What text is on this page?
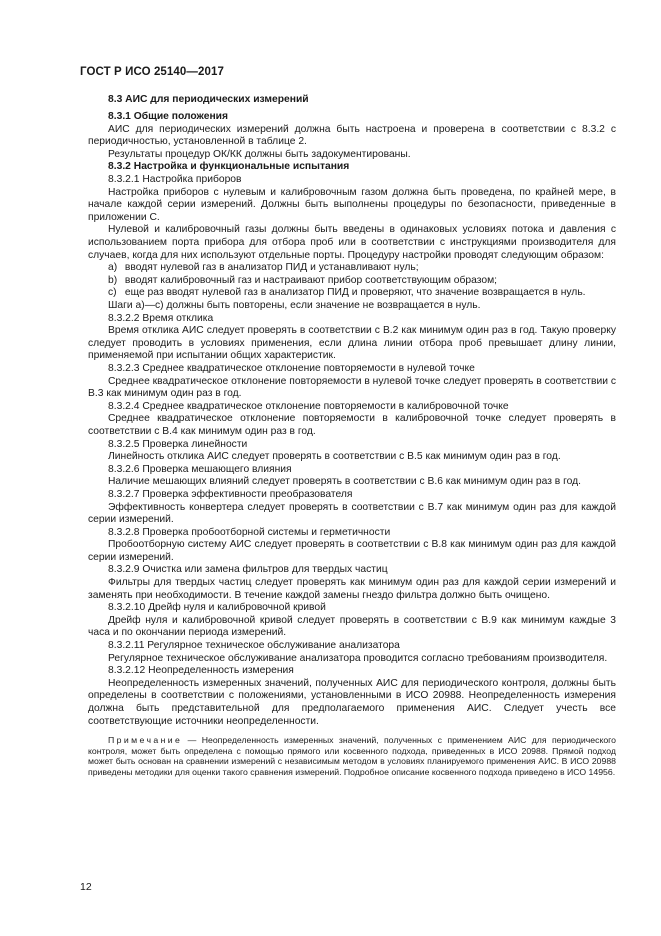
ГОСТ Р ИСО 25140—2017

8.3 АИС для периодических измерений

8.3.1 Общие положения

АИС для периодических измерений должна быть настроена и проверена в соответствии с 8.3.2 с периодичностью, установленной в таблице 2.

Результаты процедур ОК/КК должны быть задокументированы.

8.3.2 Настройка и функциональные испытания

8.3.2.1 Настройка приборов

Настройка приборов с нулевым и калибровочным газом должна быть проведена, по крайней мере, в начале каждой серии измерений. Должны быть выполнены процедуры по безопасности, приведенные в приложении С.

Нулевой и калибровочный газы должны быть введены в одинаковых условиях потока и давления с использованием порта прибора для отбора проб или в соответствии с инструкциями производителя для случаев, когда для них используют отдельные порты. Процедуру настройки проводят следующим образом:

a) вводят нулевой газ в анализатор ПИД и устанавливают нуль;
b) вводят калибровочный газ и настраивают прибор соответствующим образом;
c) еще раз вводят нулевой газ в анализатор ПИД и проверяют, что значение возвращается в нуль.

Шаги а)—с) должны быть повторены, если значение не возвращается в нуль.

8.3.2.2 Время отклика

Время отклика АИС следует проверять в соответствии с В.2 как минимум один раз в год. Такую проверку следует проводить в условиях применения, если длина линии отбора проб превышает длину линии, применяемой при испытании общих характеристик.

8.3.2.3 Среднее квадратическое отклонение повторяемости в нулевой точке

Среднее квадратическое отклонение повторяемости в нулевой точке следует проверять в соответствии с В.3 как минимум один раз в год.

8.3.2.4 Среднее квадратическое отклонение повторяемости в калибровочной точке

Среднее квадратическое отклонение повторяемости в калибровочной точке следует проверять в соответствии с В.4 как минимум один раз в год.

8.3.2.5 Проверка линейности

Линейность отклика АИС следует проверять в соответствии с В.5 как минимум один раз в год.

8.3.2.6 Проверка мешающего влияния

Наличие мешающих влияний следует проверять в соответствии с В.6 как минимум один раз в год.

8.3.2.7 Проверка эффективности преобразователя

Эффективность конвертера следует проверять в соответствии с В.7 как минимум один раз для каждой серии измерений.

8.3.2.8 Проверка пробоотборной системы и герметичности

Пробоотборную систему АИС следует проверять в соответствии с В.8 как минимум один раз для каждой серии измерений.

8.3.2.9 Очистка или замена фильтров для твердых частиц

Фильтры для твердых частиц следует проверять как минимум один раз для каждой серии измерений и заменять при необходимости. В течение каждой замены гнездо фильтра должно быть очищено.

8.3.2.10 Дрейф нуля и калибровочной кривой

Дрейф нуля и калибровочной кривой следует проверять в соответствии с В.9 как минимум каждые 3 часа и по окончании периода измерений.

8.3.2.11 Регулярное техническое обслуживание анализатора

Регулярное техническое обслуживание анализатора проводится согласно требованиям производителя.

8.3.2.12 Неопределенность измерения

Неопределенность измеренных значений, полученных АИС для периодического контроля, должны быть определены в соответствии с положениями, установленными в ИСО 20988. Неопределенность измерения должна быть представительной для предполагаемого применения АИС. Следует учесть все соответствующие источники неопределенности.

Примечание — Неопределенность измеренных значений, полученных с применением АИС для периодического контроля, может быть определена с помощью прямого или косвенного подхода, приведенных в ИСО 20988. Прямой подход может быть основан на сравнении измерений с независимым методом в условиях планируемого применения АИС. В ИСО 20988 приведены методики для оценки такого сравнения измерений. Подробное описание косвенного подхода приведено в ИСО 14956.

12
